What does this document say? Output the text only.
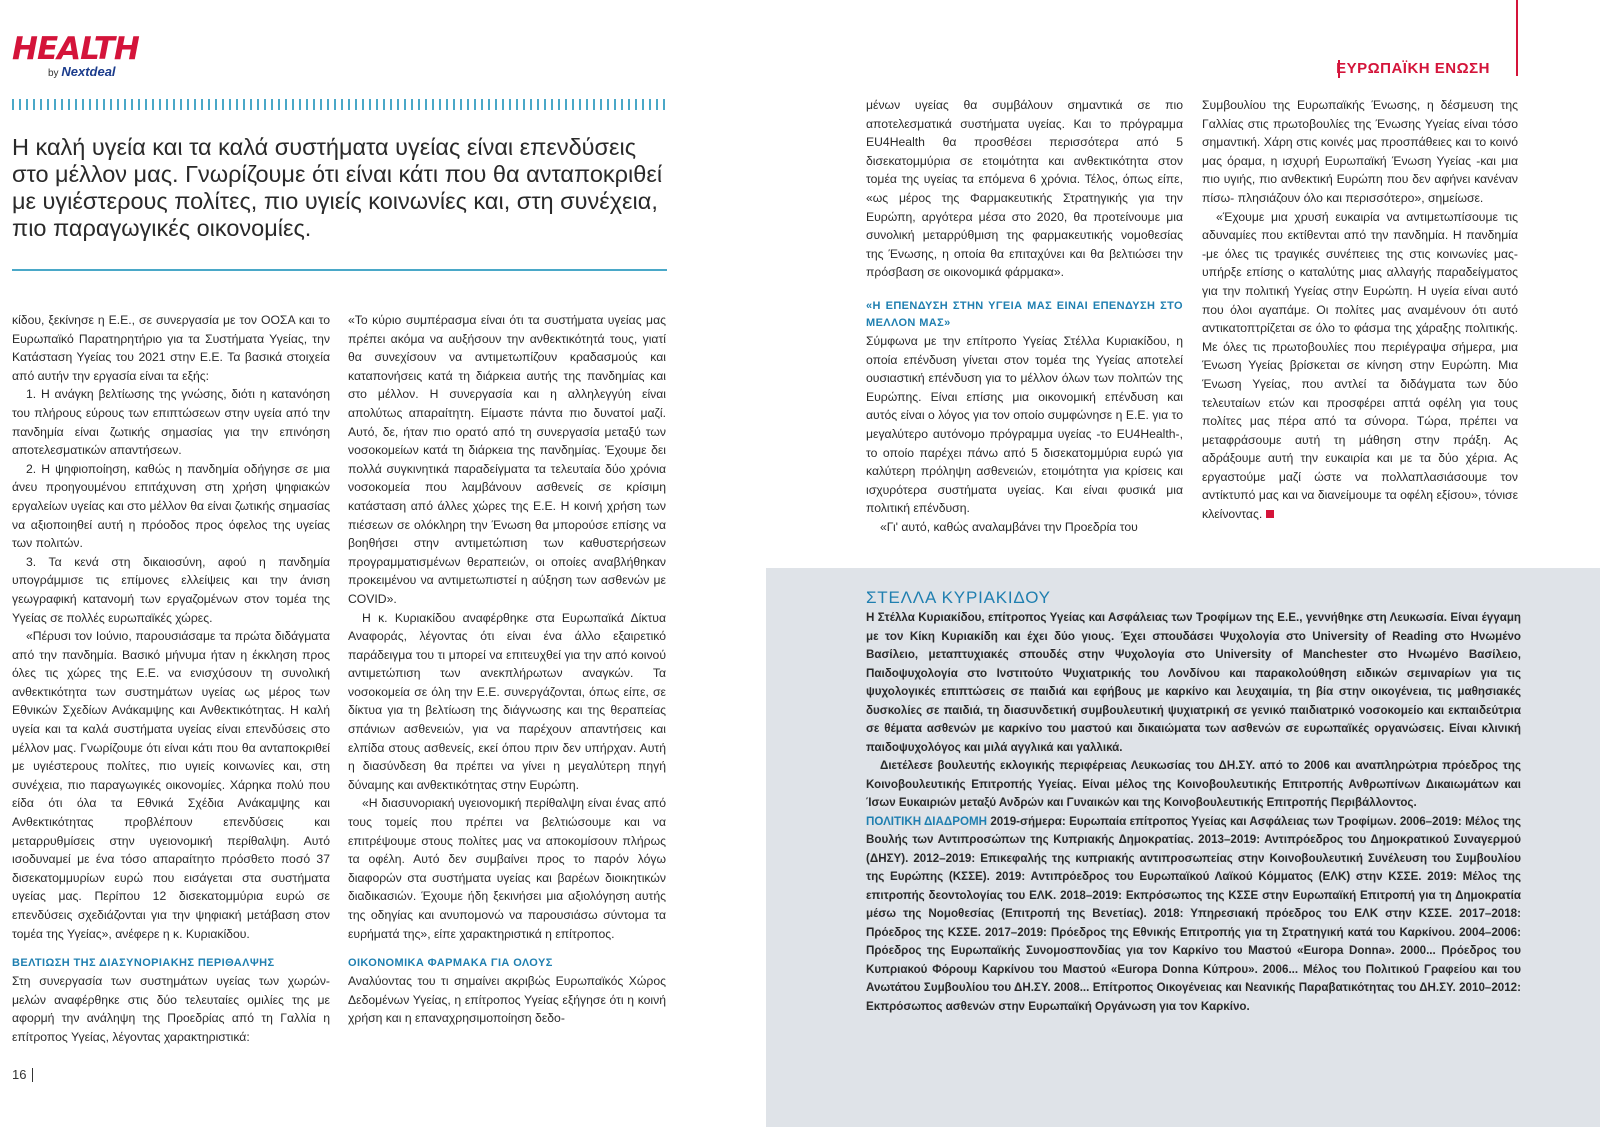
HEALTH
by Nextdeal	ΕΥΡΩΠΑΪΚΗ ΕΝΩΣΗ
Η καλή υγεία και τα καλά συστήματα υγείας είναι επενδύσεις στο μέλλον μας. Γνωρίζουμε ότι είναι κάτι που θα ανταποκριθεί με υγιέστερους πολίτες, πιο υγιείς κοινωνίες και, στη συνέχεια, πιο παραγωγικές οικονομίες.

κίδου, ξεκίνησε η Ε.Ε., σε συνεργασία με τον ΟΟΣΑ και το Ευρωπαϊκό Παρατηρητήριο για τα Συστήματα Υγείας, την Κατάσταση Υγείας του 2021 στην Ε.Ε. Τα βασικά στοιχεία από αυτήν την εργασία είναι τα εξής:

1. Η ανάγκη βελτίωσης της γνώσης, διότι η κατανόηση του πλήρους εύρους των επιπτώσεων στην υγεία από την πανδημία είναι ζωτικής σημασίας για την επινόηση αποτελεσματικών απαντήσεων.

2. Η ψηφιοποίηση, καθώς η πανδημία οδήγησε σε μια άνευ προηγουμένου επιτάχυνση στη χρήση ψηφιακών εργαλείων υγείας και στο μέλλον θα είναι ζωτικής σημασίας να αξιοποιηθεί αυτή η πρόοδος προς όφελος της υγείας των πολιτών.

3. Τα κενά στη δικαιοσύνη, αφού η πανδημία υπογράμμισε τις επίμονες ελλείψεις και την άνιση γεωγραφική κατανομή των εργαζομένων στον τομέα της Υγείας σε πολλές ευρωπαϊκές χώρες.

«Πέρυσι τον Ιούνιο, παρουσιάσαμε τα πρώτα διδάγματα από την πανδημία. Βασικό μήνυμα ήταν η έκκληση προς όλες τις χώρες της Ε.Ε. να ενισχύσουν τη συνολική ανθεκτικότητα των συστημάτων υγείας ως μέρος των Εθνικών Σχεδίων Ανάκαμψης και Ανθεκτικότητας. Η καλή υγεία και τα καλά συστήματα υγείας είναι επενδύσεις στο μέλλον μας. Γνωρίζουμε ότι είναι κάτι που θα ανταποκριθεί με υγιέστερους πολίτες, πιο υγιείς κοινωνίες και, στη συνέχεια, πιο παραγωγικές οικονομίες. Χάρηκα πολύ που είδα ότι όλα τα Εθνικά Σχέδια Ανάκαμψης και Ανθεκτικότητας προβλέπουν επενδύσεις και μεταρρυθμίσεις στην υγειονομική περίθαλψη. Αυτό ισοδυναμεί με ένα τόσο απαραίτητο πρόσθετο ποσό 37 δισεκατομμυρίων ευρώ που εισάγεται στα συστήματα υγείας μας. Περίπου 12 δισεκατομμύρια ευρώ σε επενδύσεις σχεδιάζονται για την ψηφιακή μετάβαση στον τομέα της Υγείας», ανέφερε η κ. Κυριακίδου.

ΒΕΛΤΙΩΣΗ ΤΗΣ ΔΙΑΣΥΝΟΡΙΑΚΗΣ ΠΕΡΙΘΑΛΨΗΣ

Στη συνεργασία των συστημάτων υγείας των χωρών-μελών αναφέρθηκε στις δύο τελευταίες ομιλίες της με αφορμή την ανάληψη της Προεδρίας από τη Γαλλία η επίτροπος Υγείας, λέγοντας χαρακτηριστικά:

«Το κύριο συμπέρασμα είναι ότι τα συστήματα υγείας μας πρέπει ακόμα να αυξήσουν την ανθεκτικότητά τους, γιατί θα συνεχίσουν να αντιμετωπίζουν κραδασμούς και καταπονήσεις κατά τη διάρκεια αυτής της πανδημίας και στο μέλλον. Η συνεργασία και η αλληλεγγύη είναι απολύτως απαραίτητη. Είμαστε πάντα πιο δυνατοί μαζί. Αυτό, δε, ήταν πιο ορατό από τη συνεργασία μεταξύ των νοσοκομείων κατά τη διάρκεια της πανδημίας. Έχουμε δει πολλά συγκινητικά παραδείγματα τα τελευταία δύο χρόνια νοσοκομεία που λαμβάνουν ασθενείς σε κρίσιμη κατάσταση από άλλες χώρες της Ε.Ε. Η κοινή χρήση των πιέσεων σε ολόκληρη την Ένωση θα μπορούσε επίσης να βοηθήσει στην αντιμετώπιση των καθυστερήσεων προγραμματισμένων θεραπειών, οι οποίες αναβλήθηκαν προκειμένου να αντιμετωπιστεί η αύξηση των ασθενών με COVID».

Η κ. Κυριακίδου αναφέρθηκε στα Ευρωπαϊκά Δίκτυα Αναφοράς, λέγοντας ότι είναι ένα άλλο εξαιρετικό παράδειγμα του τι μπορεί να επιτευχθεί για την από κοινού αντιμετώπιση των ανεκπλήρωτων αναγκών. Τα νοσοκομεία σε όλη την Ε.Ε. συνεργάζονται, όπως είπε, σε δίκτυα για τη βελτίωση της διάγνωσης και της θεραπείας σπάνιων ασθενειών, για να παρέχουν απαντήσεις και ελπίδα στους ασθενείς, εκεί όπου πριν δεν υπήρχαν. Αυτή η διασύνδεση θα πρέπει να γίνει η μεγαλύτερη πηγή δύναμης και ανθεκτικότητας στην Ευρώπη.

«Η διασυνοριακή υγειονομική περίθαλψη είναι ένας από τους τομείς που πρέπει να βελτιώσουμε και να επιτρέψουμε στους πολίτες μας να αποκομίσουν πλήρως τα οφέλη. Αυτό δεν συμβαίνει προς το παρόν λόγω διαφορών στα συστήματα υγείας και βαρέων διοικητικών διαδικασιών. Έχουμε ήδη ξεκινήσει μια αξιολόγηση αυτής της οδηγίας και ανυπομονώ να παρουσιάσω σύντομα τα ευρήματά της», είπε χαρακτηριστικά η επίτροπος.

ΟΙΚΟΝΟΜΙΚΑ ΦΑΡΜΑΚΑ ΓΙΑ ΟΛΟΥΣ

Αναλύοντας του τι σημαίνει ακριβώς Ευρωπαϊκός Χώρος Δεδομένων Υγείας, η επίτροπος Υγείας εξήγησε ότι η κοινή χρήση και η επαναχρησιμοποίηση δεδο-

μένων υγείας θα συμβάλουν σημαντικά σε πιο αποτελεσματικά συστήματα υγείας. Και το πρόγραμμα EU4Health θα προσθέσει περισσότερα από 5 δισεκατομμύρια σε ετοιμότητα και ανθεκτικότητα στον τομέα της υγείας τα επόμενα 6 χρόνια. Τέλος, όπως είπε, «ως μέρος της Φαρμακευτικής Στρατηγικής για την Ευρώπη, αργότερα μέσα στο 2020, θα προτείνουμε μια συνολική μεταρρύθμιση της φαρμακευτικής νομοθεσίας της Ένωσης, η οποία θα επιταχύνει και θα βελτιώσει την πρόσβαση σε οικονομικά φάρμακα».

«Η ΕΠΕΝΔΥΣΗ ΣΤΗΝ ΥΓΕΙΑ ΜΑΣ ΕΙΝΑΙ ΕΠΕΝΔΥΣΗ ΣΤΟ ΜΕΛΛΟΝ ΜΑΣ»

Σύμφωνα με την επίτροπο Υγείας Στέλλα Κυριακίδου, η οποία επένδυση γίνεται στον τομέα της Υγείας αποτελεί ουσιαστική επένδυση για το μέλλον όλων των πολιτών της Ευρώπης. Είναι επίσης μια οικονομική επένδυση και αυτός είναι ο λόγος για τον οποίο συμφώνησε η Ε.Ε. για το μεγαλύτερο αυτόνομο πρόγραμμα υγείας -το EU4Health-, το οποίο παρέχει πάνω από 5 δισεκατομμύρια ευρώ για καλύτερη πρόληψη ασθενειών, ετοιμότητα για κρίσεις και ισχυρότερα συστήματα υγείας. Και είναι φυσικά μια πολιτική επένδυση.

«Γι' αυτό, καθώς αναλαμβάνει την Προεδρία του

Συμβουλίου της Ευρωπαϊκής Ένωσης, η δέσμευση της Γαλλίας στις πρωτοβουλίες της Ένωσης Υγείας είναι τόσο σημαντική. Χάρη στις κοινές μας προσπάθειες και το κοινό μας όραμα, η ισχυρή Ευρωπαϊκή Ένωση Υγείας -και μια πιο υγιής, πιο ανθεκτική Ευρώπη που δεν αφήνει κανέναν πίσω- πλησιάζουν όλο και περισσότερο», σημείωσε.

«Έχουμε μια χρυσή ευκαιρία να αντιμετωπίσουμε τις αδυναμίες που εκτίθενται από την πανδημία. Η πανδημία -με όλες τις τραγικές συνέπειες της στις κοινωνίες μας- υπήρξε επίσης ο καταλύτης μιας αλλαγής παραδείγματος για την πολιτική Υγείας στην Ευρώπη. Η υγεία είναι αυτό που όλοι αγαπάμε. Οι πολίτες μας αναμένουν ότι αυτό αντικατοπτρίζεται σε όλο το φάσμα της χάραξης πολιτικής. Με όλες τις πρωτοβουλίες που περιέγραψα σήμερα, μια Ένωση Υγείας βρίσκεται σε κίνηση στην Ευρώπη. Μια Ένωση Υγείας, που αντλεί τα διδάγματα των δύο τελευταίων ετών και προσφέρει απτά οφέλη για τους πολίτες μας πέρα από τα σύνορα. Τώρα, πρέπει να μεταφράσουμε αυτή τη μάθηση στην πράξη. Ας αδράξουμε αυτή την ευκαιρία και με τα δύο χέρια. Ας εργαστούμε μαζί ώστε να πολλαπλασιάσουμε τον αντίκτυπό μας και να διανείμουμε τα οφέλη εξίσου», τόνισε κλείνοντας.

ΣΤΕΛΛΑ ΚΥΡΙΑΚΙΔΟΥ

Η Στέλλα Κυριακίδου, επίτροπος Υγείας και Ασφάλειας των Τροφίμων της Ε.Ε., γεννήθηκε στη Λευκωσία. Είναι έγγαμη με τον Κίκη Κυριακίδη και έχει δύο γιους. Έχει σπουδάσει Ψυχολογία στο University of Reading στο Ηνωμένο Βασίλειο, μεταπτυχιακές σπουδές στην Ψυχολογία στο University of Manchester στο Ηνωμένο Βασίλειο, Παιδοψυχολογία στο Ινστιτούτο Ψυχιατρικής του Λονδίνου και παρακολούθηση ειδικών σεμιναρίων για τις ψυχολογικές επιπτώσεις σε παιδιά και εφήβους με καρκίνο και λευχαιμία, τη βία στην οικογένεια, τις μαθησιακές δυσκολίες σε παιδιά, τη διασυνδετική συμβουλευτική ψυχιατρική σε γενικό παιδιατρικό νοσοκομείο και εκπαιδεύτρια σε θέματα ασθενών με καρκίνο του μαστού και δικαιώματα των ασθενών σε ευρωπαϊκές οργανώσεις. Είναι κλινική παιδοψυχολόγος και μιλά αγγλικά και γαλλικά.

Διετέλεσε βουλευτής εκλογικής περιφέρειας Λευκωσίας του ΔΗ.ΣΥ. από το 2006 και αναπληρώτρια πρόεδρος της Κοινοβουλευτικής Επιτροπής Υγείας. Είναι μέλος της Κοινοβουλευτικής Επιτροπής Ανθρωπίνων Δικαιωμάτων και Ίσων Ευκαιριών μεταξύ Ανδρών και Γυναικών και της Κοινοβουλευτικής Επιτροπής Περιβάλλοντος.

ΠΟΛΙΤΙΚΗ ΔΙΑΔΡΟΜΗ 2019-σήμερα: Ευρωπαία επίτροπος Υγείας και Ασφάλειας των Τροφίμων. 2006–2019: Μέλος της Βουλής των Αντιπροσώπων της Κυπριακής Δημοκρατίας. 2013–2019: Αντιπρόεδρος του Δημοκρατικού Συναγερμού (ΔΗΣΥ). 2012–2019: Επικεφαλής της κυπριακής αντιπροσωπείας στην Κοινοβουλευτική Συνέλευση του Συμβουλίου της Ευρώπης (ΚΣΣΕ). 2019: Αντιπρόεδρος του Ευρωπαϊκού Λαϊκού Κόμματος (ΕΛΚ) στην ΚΣΣΕ. 2019: Μέλος της επιτροπής δεοντολογίας του ΕΛΚ. 2018–2019: Εκπρόσωπος της ΚΣΣΕ στην Ευρωπαϊκή Επιτροπή για τη Δημοκρατία μέσω της Νομοθεσίας (Επιτροπή της Βενετίας). 2018: Υπηρεσιακή πρόεδρος του ΕΛΚ στην ΚΣΣΕ. 2017–2018: Πρόεδρος της ΚΣΣΕ. 2017–2019: Πρόεδρος της Εθνικής Επιτροπής για τη Στρατηγική κατά του Καρκίνου. 2004–2006: Πρόεδρος της Ευρωπαϊκής Συνομοσπονδίας για τον Καρκίνο του Μαστού «Europa Donna». 2000... Πρόεδρος του Κυπριακού Φόρουμ Καρκίνου του Μαστού «Europa Donna Κύπρου». 2006... Μέλος του Πολιτικού Γραφείου και του Ανωτάτου Συμβουλίου του ΔΗ.ΣΥ. 2008... Επίτροπος Οικογένειας και Νεανικής Παραβατικότητας του ΔΗ.ΣΥ. 2010–2012: Εκπρόσωπος ασθενών στην Ευρωπαϊκή Οργάνωση για τον Καρκίνο.

16
